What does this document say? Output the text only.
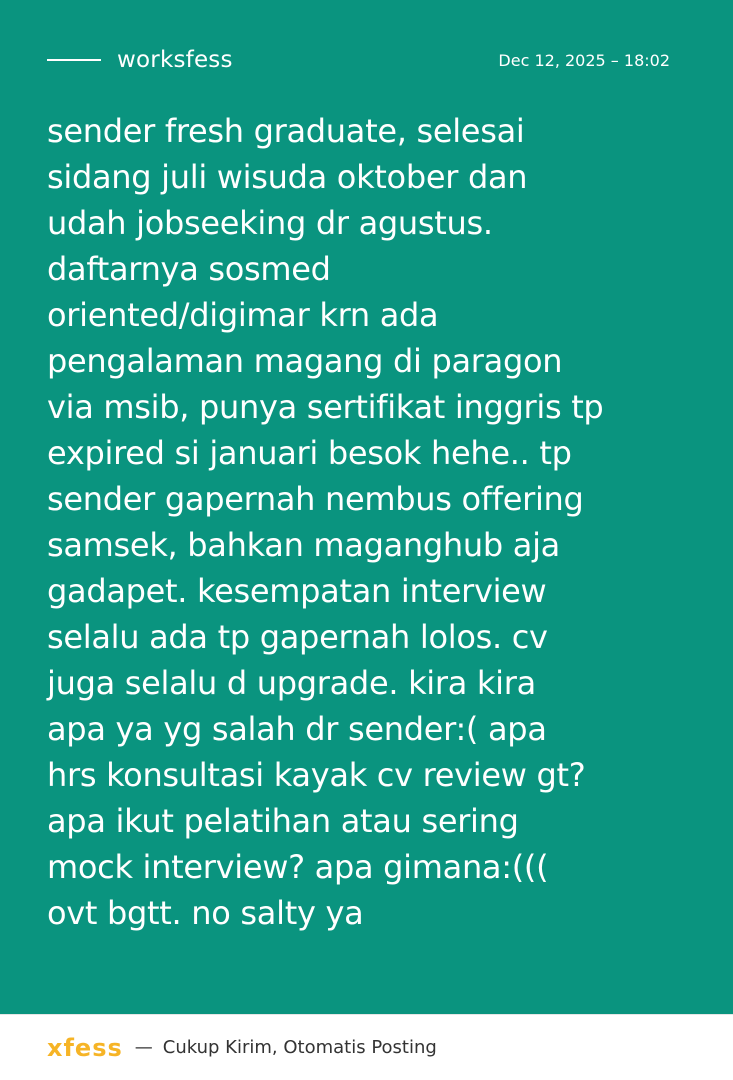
worksfess	Dec 12, 2025 – 18:02
sender fresh graduate, selesai
sidang juli wisuda oktober dan
udah jobseeking dr agustus.
daftarnya sosmed
oriented/digimar krn ada
pengalaman magang di paragon
via msib, punya sertifikat inggris tp
expired si januari besok hehe.. tp
sender gapernah nembus offering
samsek, bahkan maganghub aja
gadapet. kesempatan interview
selalu ada tp gapernah lolos. cv
juga selalu d upgrade. kira kira
apa ya yg salah dr sender:( apa
hrs konsultasi kayak cv review gt?
apa ikut pelatihan atau sering
mock interview? apa gimana:(((
ovt bgtt. no salty ya
xfess — Cukup Kirim, Otomatis Posting
